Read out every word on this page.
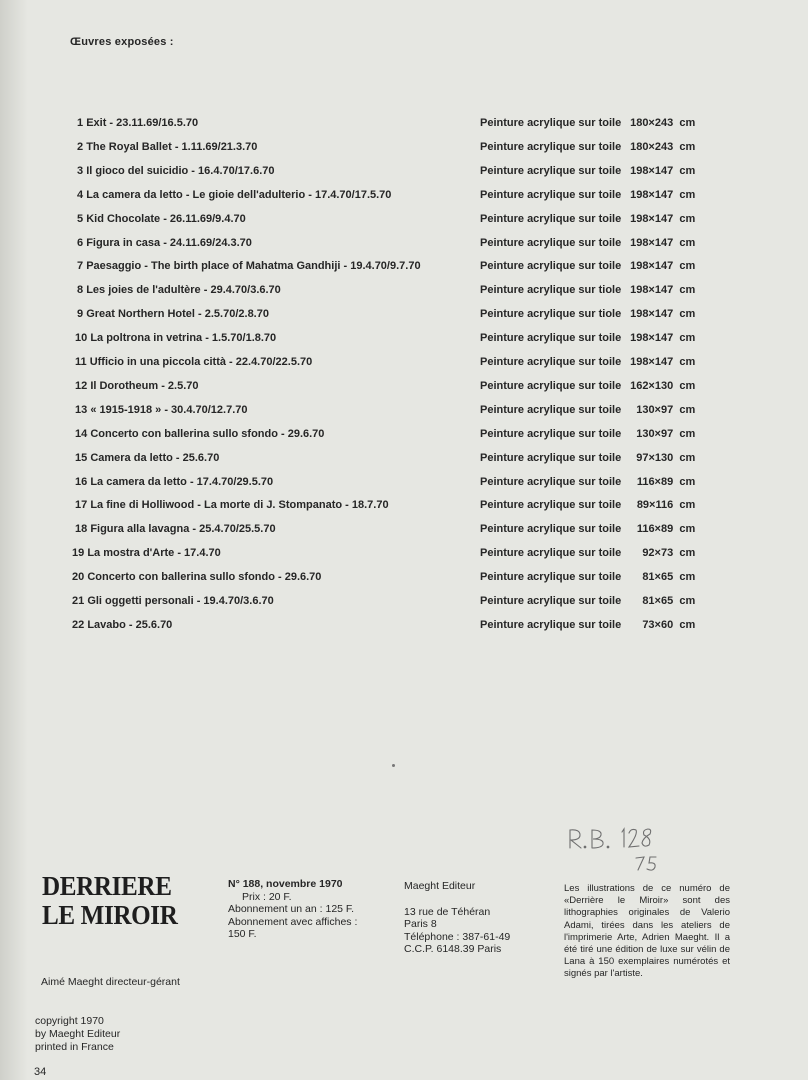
Œuvres exposées :
1 Exit - 23.11.69/16.5.70	Peinture acrylique sur toile 180×243 cm
2 The Royal Ballet - 1.11.69/21.3.70	Peinture acrylique sur toile 180×243 cm
3 Il gioco del suicidio - 16.4.70/17.6.70	Peinture acrylique sur toile 198×147 cm
4 La camera da letto - Le gioie dell'adulterio - 17.4.70/17.5.70	Peinture acrylique sur toile 198×147 cm
5 Kid Chocolate - 26.11.69/9.4.70	Peinture acrylique sur toile 198×147 cm
6 Figura in casa - 24.11.69/24.3.70	Peinture acrylique sur toile 198×147 cm
7 Paesaggio - The birth place of Mahatma Gandhiji - 19.4.70/9.7.70	Peinture acrylique sur toile 198×147 cm
8 Les joies de l'adultère - 29.4.70/3.6.70	Peinture acrylique sur tiole 198×147 cm
9 Great Northern Hotel - 2.5.70/2.8.70	Peinture acrylique sur tiole 198×147 cm
10 La poltrona in vetrina - 1.5.70/1.8.70	Peinture acrylique sur toile 198×147 cm
11 Ufficio in una piccola città - 22.4.70/22.5.70	Peinture acrylique sur toile 198×147 cm
12 Il Dorotheum - 2.5.70	Peinture acrylique sur toile 162×130 cm
13 « 1915-1918 » - 30.4.70/12.7.70	Peinture acrylique sur toile 130×97 cm
14 Concerto con ballerina sullo sfondo - 29.6.70	Peinture acrylique sur toile 130×97 cm
15 Camera da letto - 25.6.70	Peinture acrylique sur toile 97×130 cm
16 La camera da letto - 17.4.70/29.5.70	Peinture acrylique sur toile 116×89 cm
17 La fine di Holliwood - La morte di J. Stompanato - 18.7.70	Peinture acrylique sur toile 89×116 cm
18 Figura alla lavagna - 25.4.70/25.5.70	Peinture acrylique sur toile 116×89 cm
19 La mostra d'Arte - 17.4.70	Peinture acrylique sur toile 92×73 cm
20 Concerto con ballerina sullo sfondo - 29.6.70	Peinture acrylique sur toile 81×65 cm
21 Gli oggetti personali - 19.4.70/3.6.70	Peinture acrylique sur toile 81×65 cm
22 Lavabo - 25.6.70	Peinture acrylique sur toile 73×60 cm
DERRIERE
LE MIROIR
N° 188, novembre 1970
Prix : 20 F.
Abonnement un an : 125 F.
Abonnement avec affiches :
150 F.
Maeght Editeur
13 rue de Téhéran
Paris 8
Téléphone : 387-61-49
C.C.P. 6148.39 Paris
Les illustrations de ce numéro de «Derrière le Miroir» sont des lithographies originales de Valerio Adami, tirées dans les ateliers de l'imprimerie Arte, Adrien Maeght. Il a été tiré une édition de luxe sur vélin de Lana à 150 exemplaires numérotés et signés par l'artiste.
Aimé Maeght directeur-gérant
copyright 1970
by Maeght Editeur
printed in France
34
